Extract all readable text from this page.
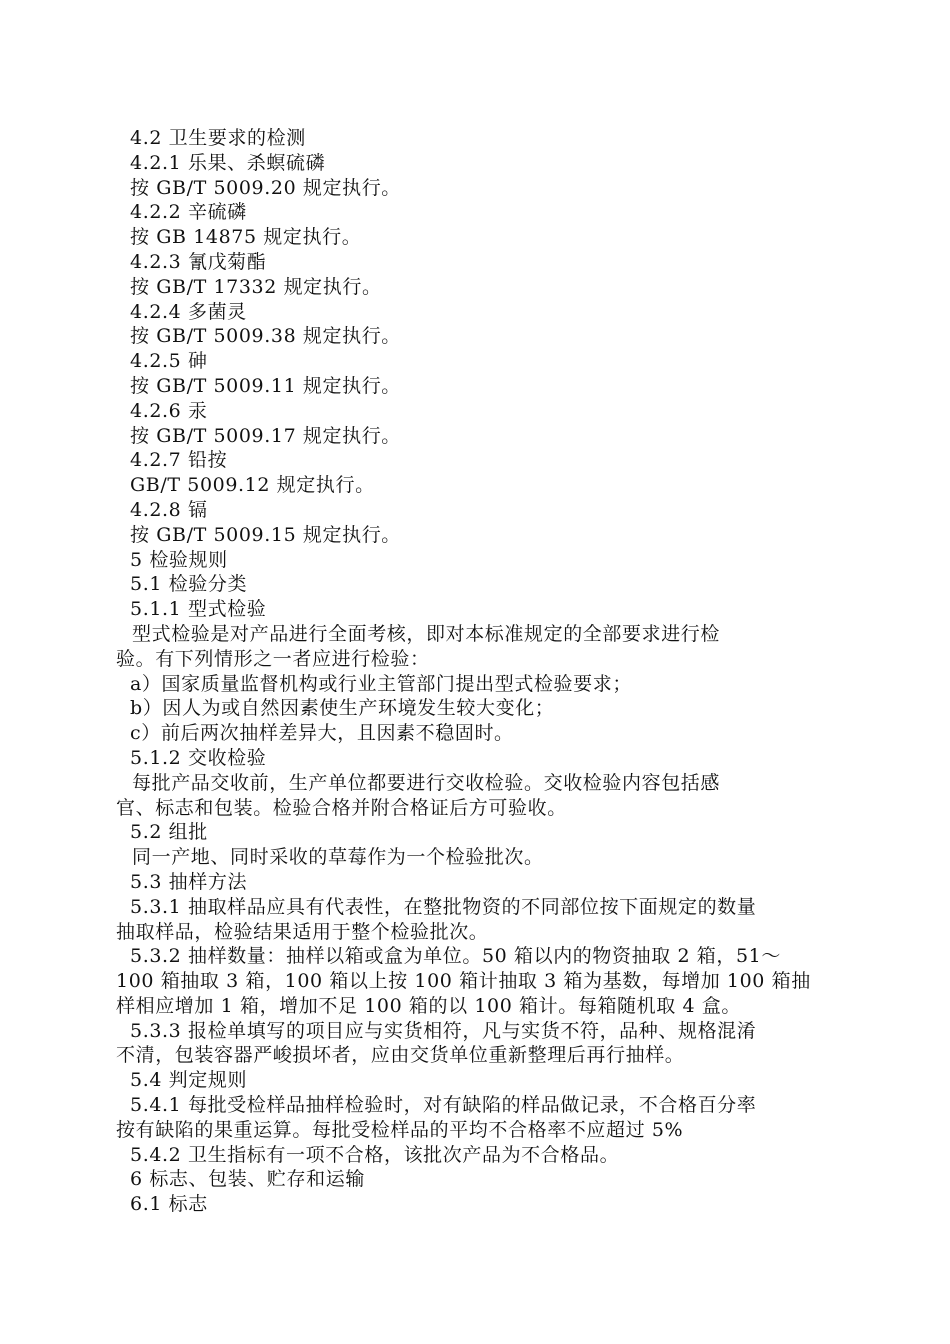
4.2 卫生要求的检测

4.2.1 乐果、杀螟硫磷

按 GB/T 5009.20 规定执行。

4.2.2 辛硫磷

按 GB 14875 规定执行。

4.2.3 氰戊菊酯

按 GB/T 17332 规定执行。

4.2.4 多菌灵

按 GB/T 5009.38 规定执行。

4.2.5 砷

按 GB/T 5009.11 规定执行。

4.2.6 汞

按 GB/T 5009.17 规定执行。

4.2.7 铅按

GB/T 5009.12 规定执行。

4.2.8 镉

按 GB/T 5009.15 规定执行。

5 检验规则

5.1 检验分类

5.1.1 型式检验

型式检验是对产品进行全面考核，即对本标准规定的全部要求进行检

验。有下列情形之一者应进行检验：

a）国家质量监督机构或行业主管部门提出型式检验要求；

b）因人为或自然因素使生产环境发生较大变化；

c）前后两次抽样差异大，且因素不稳固时。

5.1.2 交收检验

每批产品交收前，生产单位都要进行交收检验。交收检验内容包括感

官、标志和包装。检验合格并附合格证后方可验收。

5.2 组批

同一产地、同时采收的草莓作为一个检验批次。

5.3 抽样方法

5.3.1 抽取样品应具有代表性，在整批物资的不同部位按下面规定的数量

抽取样品，检验结果适用于整个检验批次。

5.3.2 抽样数量：抽样以箱或盒为单位。50 箱以内的物资抽取 2 箱，51～

100 箱抽取 3 箱，100 箱以上按 100 箱计抽取 3 箱为基数，每增加 100 箱抽

样相应增加 1 箱，增加不足 100 箱的以 100 箱计。每箱随机取 4 盒。

5.3.3 报检单填写的项目应与实货相符，凡与实货不符，品种、规格混淆

不清，包装容器严峻损坏者，应由交货单位重新整理后再行抽样。

5.4 判定规则

5.4.1 每批受检样品抽样检验时，对有缺陷的样品做记录，不合格百分率

按有缺陷的果重运算。每批受检样品的平均不合格率不应超过 5%

5.4.2 卫生指标有一项不合格，该批次产品为不合格品。

6 标志、包装、贮存和运输

6.1 标志
